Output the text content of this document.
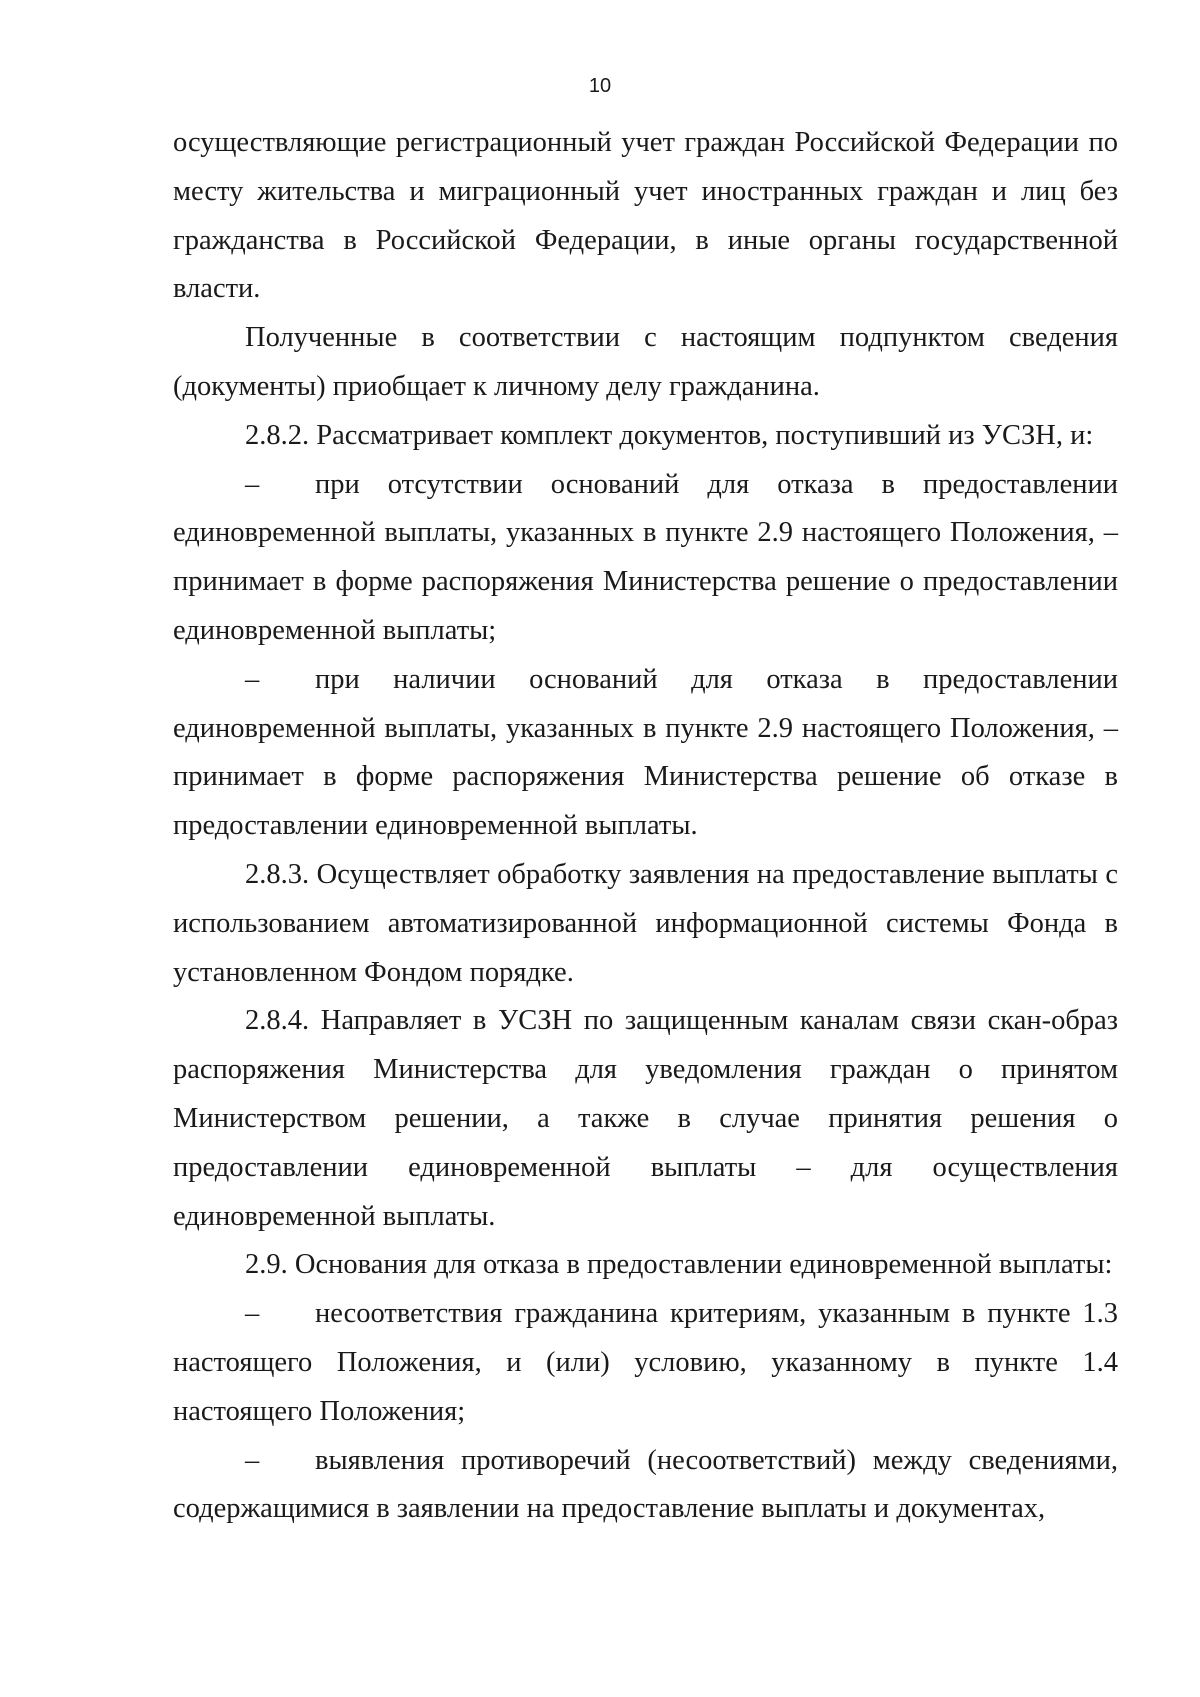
10

осуществляющие регистрационный учет граждан Российской Федерации по месту жительства и миграционный учет иностранных граждан и лиц без гражданства в Российской Федерации, в иные органы государственной власти.

Полученные в соответствии с настоящим подпунктом сведения (документы) приобщает к личному делу гражданина.

2.8.2. Рассматривает комплект документов, поступивший из УСЗН, и:

– при отсутствии оснований для отказа в предоставлении единовременной выплаты, указанных в пункте 2.9 настоящего Положения, – принимает в форме распоряжения Министерства решение о предоставлении единовременной выплаты;

– при наличии оснований для отказа в предоставлении единовременной выплаты, указанных в пункте 2.9 настоящего Положения, – принимает в форме распоряжения Министерства решение об отказе в предоставлении единовременной выплаты.

2.8.3. Осуществляет обработку заявления на предоставление выплаты с использованием автоматизированной информационной системы Фонда в установленном Фондом порядке.

2.8.4. Направляет в УСЗН по защищенным каналам связи скан-образ распоряжения Министерства для уведомления граждан о принятом Министерством решении, а также в случае принятия решения о предоставлении единовременной выплаты – для осуществления единовременной выплаты.

2.9. Основания для отказа в предоставлении единовременной выплаты:

– несоответствия гражданина критериям, указанным в пункте 1.3 настоящего Положения, и (или) условию, указанному в пункте 1.4 настоящего Положения;

– выявления противоречий (несоответствий) между сведениями, содержащимися в заявлении на предоставление выплаты и документах,
